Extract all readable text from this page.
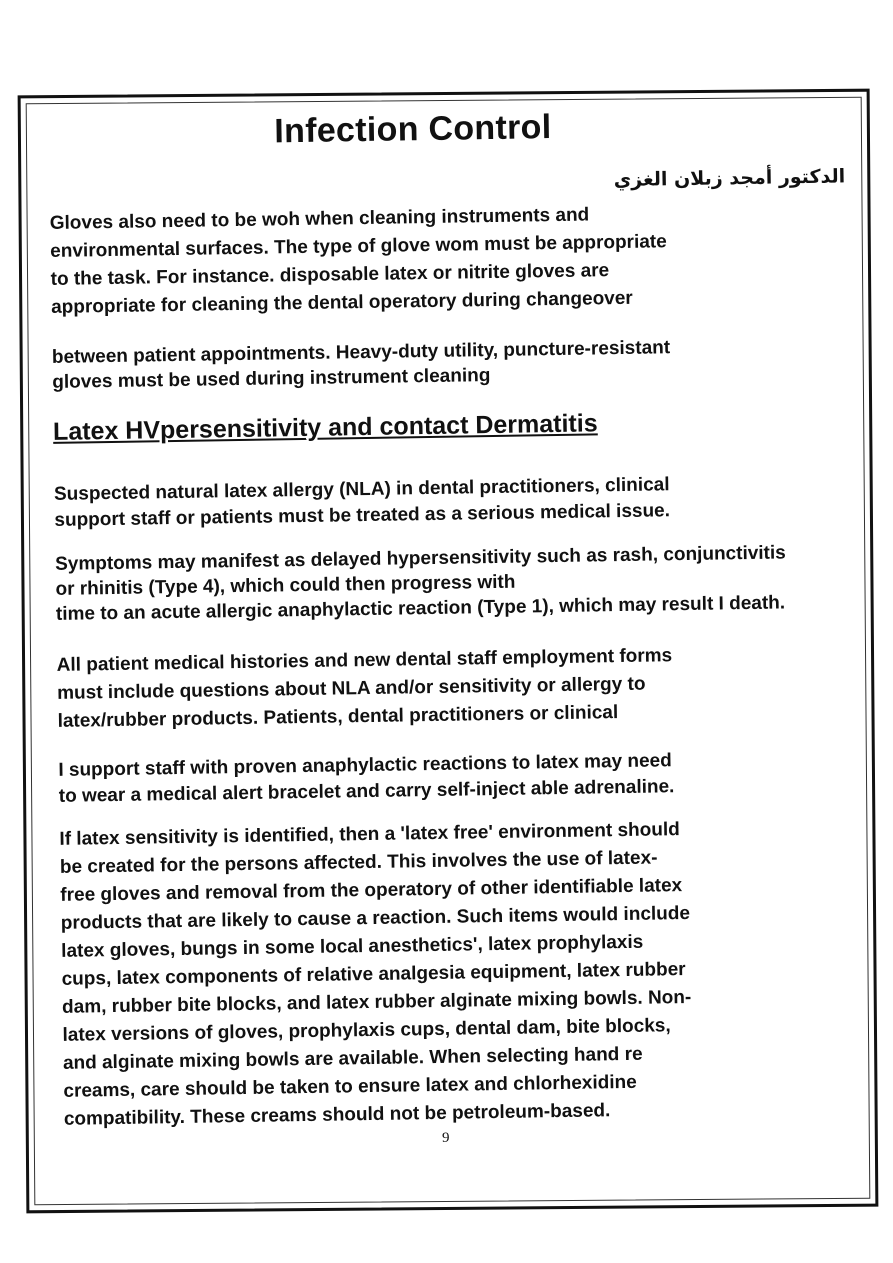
Infection Control

الدكتور أمجد زبلان الغزي

Gloves also need to be woh when cleaning instruments and
environmental surfaces. The type of glove wom must be appropriate
to the task. For instance. disposable latex or nitrite gloves are
appropriate for cleaning the dental operatory during changeover

between patient appointments. Heavy-duty utility, puncture-resistant
gloves must be used during instrument cleaning

Latex HVpersensitivity and contact Dermatitis

Suspected natural latex allergy (NLA) in dental practitioners, clinical
support staff or patients must be treated as a serious medical issue.

Symptoms may manifest as delayed hypersensitivity such as rash, conjunctivitis
or rhinitis (Type 4), which could then progress with
time to an acute allergic anaphylactic reaction (Type 1), which may result I death.

All patient medical histories and new dental staff employment forms
must include questions about NLA and/or sensitivity or allergy to
latex/rubber products. Patients, dental practitioners or clinical

I support staff with proven anaphylactic reactions to latex may need
to wear a medical alert bracelet and carry self-inject able adrenaline.

If latex sensitivity is identified, then a 'latex free' environment should
be created for the persons affected. This involves the use of latex-
free gloves and removal from the operatory of other identifiable latex
products that are likely to cause a reaction. Such items would include
latex gloves, bungs in some local anesthetics', latex prophylaxis
cups, latex components of relative analgesia equipment, latex rubber
dam, rubber bite blocks, and latex rubber alginate mixing bowls. Non-
latex versions of gloves, prophylaxis cups, dental dam, bite blocks,
and alginate mixing bowls are available. When selecting hand re
creams, care should be taken to ensure latex and chlorhexidine
compatibility. These creams should not be petroleum-based.

9
